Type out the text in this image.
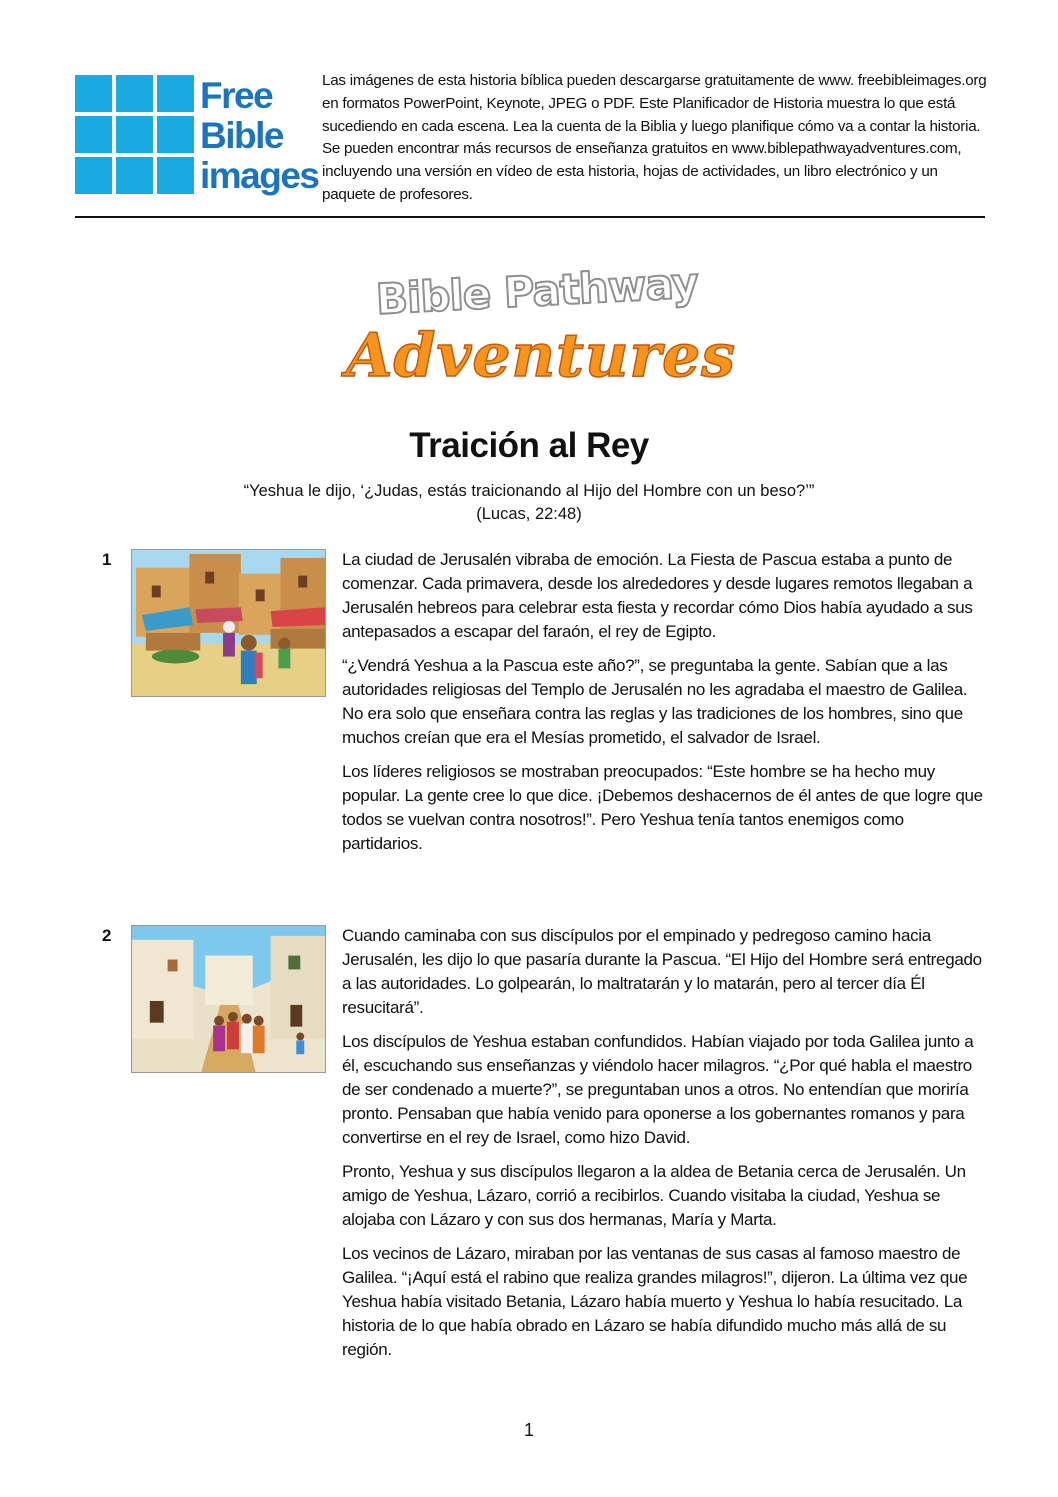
Free
Bible
images
Las imágenes de esta historia bíblica pueden descargarse gratuitamente de www. freebibleimages.org en formatos PowerPoint, Keynote, JPEG o PDF. Este Planificador de Historia muestra lo que está sucediendo en cada escena. Lea la cuenta de la Biblia y luego planifique cómo va a contar la historia. Se pueden encontrar más recursos de enseñanza gratuitos en www.biblepathwayadventures.com, incluyendo una versión en vídeo de esta historia, hojas de actividades, un libro electrónico y un paquete de profesores.
Bible Pathway
Adventures
Traición al Rey
“Yeshua le dijo, ‘¿Judas, estás traicionando al Hijo del Hombre con un beso?’”
(Lucas, 22:48)
1	La ciudad de Jerusalén vibraba de emoción. La Fiesta de Pascua estaba a punto de comenzar. Cada primavera, desde los alrededores y desde lugares remotos llegaban a Jerusalén hebreos para celebrar esta fiesta y recordar cómo Dios había ayudado a sus antepasados a escapar del faraón, el rey de Egipto.

“¿Vendrá Yeshua a la Pascua este año?”, se preguntaba la gente. Sabían que a las autoridades religiosas del Templo de Jerusalén no les agradaba el maestro de Galilea. No era solo que enseñara contra las reglas y las tradiciones de los hombres, sino que muchos creían que era el Mesías prometido, el salvador de Israel.

Los líderes religiosos se mostraban preocupados: “Este hombre se ha hecho muy popular. La gente cree lo que dice. ¡Debemos deshacernos de él antes de que logre que todos se vuelvan contra nosotros!”. Pero Yeshua tenía tantos enemigos como partidarios.

2	Cuando caminaba con sus discípulos por el empinado y pedregoso camino hacia Jerusalén, les dijo lo que pasaría durante la Pascua. “El Hijo del Hombre será entregado a las autoridades. Lo golpearán, lo maltratarán y lo matarán, pero al tercer día Él resucitará”.

Los discípulos de Yeshua estaban confundidos. Habían viajado por toda Galilea junto a él, escuchando sus enseñanzas y viéndolo hacer milagros. “¿Por qué habla el maestro de ser condenado a muerte?”, se preguntaban unos a otros. No entendían que moriría pronto. Pensaban que había venido para oponerse a los gobernantes romanos y para convertirse en el rey de Israel, como hizo David.

Pronto, Yeshua y sus discípulos llegaron a la aldea de Betania cerca de Jerusalén. Un amigo de Yeshua, Lázaro, corrió a recibirlos. Cuando visitaba la ciudad, Yeshua se alojaba con Lázaro y con sus dos hermanas, María y Marta.

Los vecinos de Lázaro, miraban por las ventanas de sus casas al famoso maestro de Galilea. “¡Aquí está el rabino que realiza grandes milagros!”, dijeron. La última vez que Yeshua había visitado Betania, Lázaro había muerto y Yeshua lo había resucitado. La historia de lo que había obrado en Lázaro se había difundido mucho más allá de su región.

1
